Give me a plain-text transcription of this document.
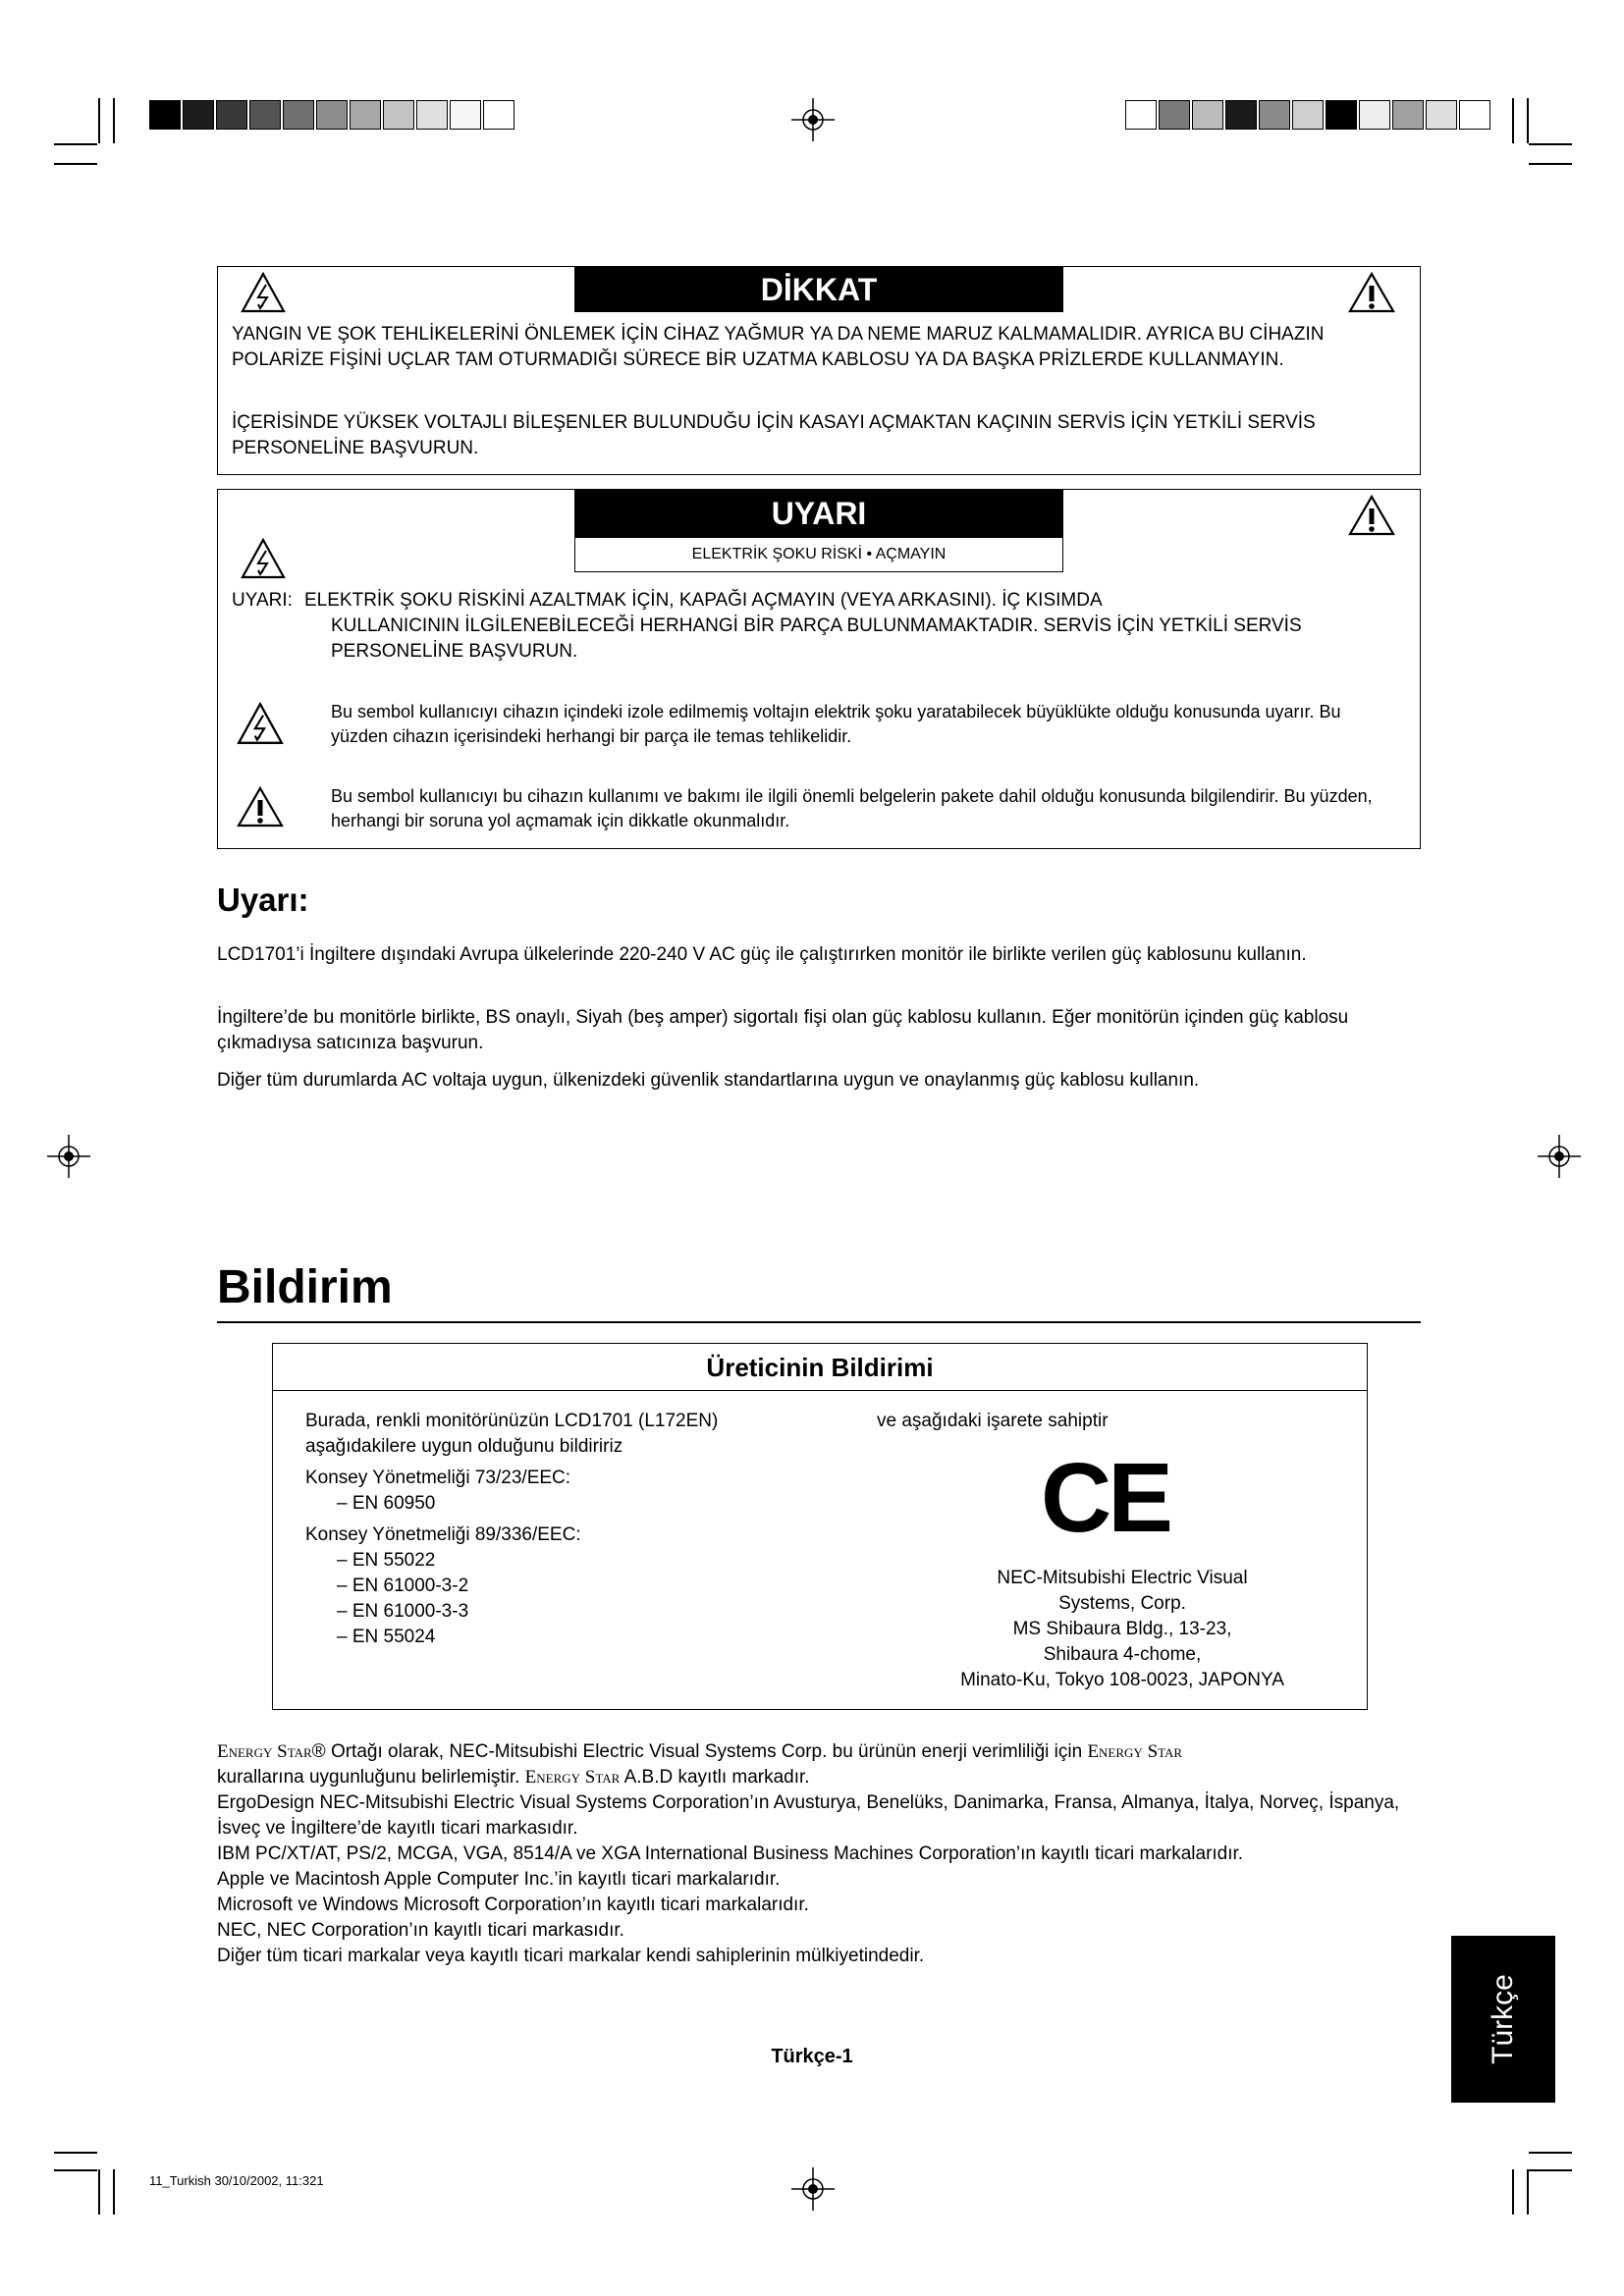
DİKKAT

YANGIN VE ŞOK TEHLİKELERİNİ ÖNLEMEK İÇİN CİHAZ YAĞMUR YA DA NEME MARUZ KALMAMALIDIR. AYRICA BU CİHAZIN POLARİZE FİŞİNİ UÇLAR TAM OTURMADIĞI SÜRECE BİR UZATMA KABLOSU YA DA BAŞKA PRİZLERDE KULLANMAYIN.

İÇERİSİNDE YÜKSEK VOLTAJLI BİLEŞENLER BULUNDUĞU İÇİN KASAYI AÇMAKTAN KAÇININ SERVİS İÇİN YETKİLİ SERVİS PERSONELİNE BAŞVURUN.

UYARI
ELEKTRİK ŞOKU RİSKİ • AÇMAYIN
UYARI: ELEKTRİK ŞOKU RİSKİNİ AZALTMAK İÇİN, KAPAĞI AÇMAYIN (VEYA ARKASINI). İÇ KISIMDA

KULLANICININ İLGİLENEBİLECEĞİ HERHANGİ BİR PARÇA BULUNMAMAKTADIR. SERVİS İÇİN YETKİLİ SERVİS PERSONELİNE BAŞVURUN.

Bu sembol kullanıcıyı cihazın içindeki izole edilmemiş voltajın elektrik şoku yaratabilecek büyüklükte olduğu konusunda uyarır. Bu yüzden cihazın içerisindeki herhangi bir parça ile temas tehlikelidir.

Bu sembol kullanıcıyı bu cihazın kullanımı ve bakımı ile ilgili önemli belgelerin pakete dahil olduğu konusunda bilgilendirir. Bu yüzden, herhangi bir soruna yol açmamak için dikkatle okunmalıdır.

Uyarı:

LCD1701’i İngiltere dışındaki Avrupa ülkelerinde 220-240 V AC güç ile çalıştırırken monitör ile birlikte verilen güç kablosunu kullanın.

İngiltere’de bu monitörle birlikte, BS onaylı, Siyah (beş amper) sigortalı fişi olan güç kablosu kullanın. Eğer monitörün içinden güç kablosu çıkmadıysa satıcınıza başvurun.

Diğer tüm durumlarda AC voltaja uygun, ülkenizdeki güvenlik standartlarına uygun ve onaylanmış güç kablosu kullanın.

Bildirim
Üreticinin Bildirimi
Burada, renkli monitörünüzün LCD1701 (L172EN)
aşağıdakilere uygun olduğunu bildiririz
Konsey Yönetmeliği 73/23/EEC:
– EN 60950
Konsey Yönetmeliği 89/336/EEC:
– EN 55022
– EN 61000-3-2
– EN 61000-3-3
– EN 55024
ve aşağıdaki işarete sahiptir
CE
NEC-Mitsubishi Electric Visual
Systems, Corp.
MS Shibaura Bldg., 13-23,
Shibaura 4-chome,
Minato-Ku, Tokyo 108-0023, JAPONYA

Energy Star® Ortağı olarak, NEC-Mitsubishi Electric Visual Systems Corp. bu ürünün enerji verimliliği için Energy Star
kurallarına uygunluğunu belirlemiştir. Energy Star A.B.D kayıtlı markadır.

ErgoDesign NEC-Mitsubishi Electric Visual Systems Corporation’ın Avusturya, Benelüks, Danimarka, Fransa, Almanya, İtalya, Norveç, İspanya, İsveç ve İngiltere’de kayıtlı ticari markasıdır.

IBM PC/XT/AT, PS/2, MCGA, VGA, 8514/A ve XGA International Business Machines Corporation’ın kayıtlı ticari markalarıdır.

Apple ve Macintosh Apple Computer Inc.’in kayıtlı ticari markalarıdır.

Microsoft ve Windows Microsoft Corporation’ın kayıtlı ticari markalarıdır.

NEC, NEC Corporation’ın kayıtlı ticari markasıdır.

Diğer tüm ticari markalar veya kayıtlı ticari markalar kendi sahiplerinin mülkiyetindedir.

Türkçe-1	Türkçe
11_Turkish 30/10/2002, 11:321
